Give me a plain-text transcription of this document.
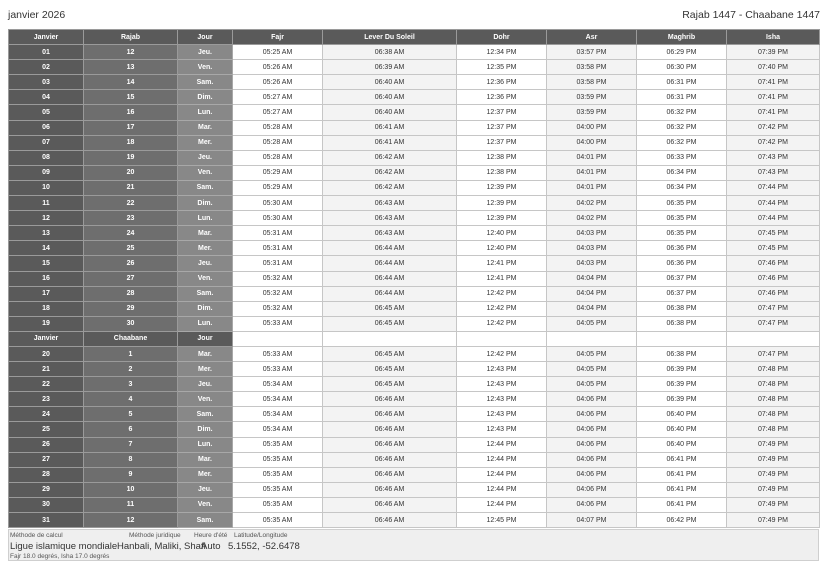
janvier 2026	Rajab 1447 - Chaabane 1447
Janvier	Rajab	Jour	Fajr	Lever Du Soleil	Dohr	Asr	Maghrib	Isha
01	12	Jeu.	05:25 AM	06:38 AM	12:34 PM	03:57 PM	06:29 PM	07:39 PM
02	13	Ven.	05:26 AM	06:39 AM	12:35 PM	03:58 PM	06:30 PM	07:40 PM
03	14	Sam.	05:26 AM	06:40 AM	12:36 PM	03:58 PM	06:31 PM	07:41 PM
04	15	Dim.	05:27 AM	06:40 AM	12:36 PM	03:59 PM	06:31 PM	07:41 PM
05	16	Lun.	05:27 AM	06:40 AM	12:37 PM	03:59 PM	06:32 PM	07:41 PM
06	17	Mar.	05:28 AM	06:41 AM	12:37 PM	04:00 PM	06:32 PM	07:42 PM
07	18	Mer.	05:28 AM	06:41 AM	12:37 PM	04:00 PM	06:32 PM	07:42 PM
08	19	Jeu.	05:28 AM	06:42 AM	12:38 PM	04:01 PM	06:33 PM	07:43 PM
09	20	Ven.	05:29 AM	06:42 AM	12:38 PM	04:01 PM	06:34 PM	07:43 PM
10	21	Sam.	05:29 AM	06:42 AM	12:39 PM	04:01 PM	06:34 PM	07:44 PM
11	22	Dim.	05:30 AM	06:43 AM	12:39 PM	04:02 PM	06:35 PM	07:44 PM
12	23	Lun.	05:30 AM	06:43 AM	12:39 PM	04:02 PM	06:35 PM	07:44 PM
13	24	Mar.	05:31 AM	06:43 AM	12:40 PM	04:03 PM	06:35 PM	07:45 PM
14	25	Mer.	05:31 AM	06:44 AM	12:40 PM	04:03 PM	06:36 PM	07:45 PM
15	26	Jeu.	05:31 AM	06:44 AM	12:41 PM	04:03 PM	06:36 PM	07:46 PM
16	27	Ven.	05:32 AM	06:44 AM	12:41 PM	04:04 PM	06:37 PM	07:46 PM
17	28	Sam.	05:32 AM	06:44 AM	12:42 PM	04:04 PM	06:37 PM	07:46 PM
18	29	Dim.	05:32 AM	06:45 AM	12:42 PM	04:04 PM	06:38 PM	07:47 PM
19	30	Lun.	05:33 AM	06:45 AM	12:42 PM	04:05 PM	06:38 PM	07:47 PM
Janvier	Chaabane	Jour						
20	1	Mar.	05:33 AM	06:45 AM	12:42 PM	04:05 PM	06:38 PM	07:47 PM
21	2	Mer.	05:33 AM	06:45 AM	12:43 PM	04:05 PM	06:39 PM	07:48 PM
22	3	Jeu.	05:34 AM	06:45 AM	12:43 PM	04:05 PM	06:39 PM	07:48 PM
23	4	Ven.	05:34 AM	06:46 AM	12:43 PM	04:06 PM	06:39 PM	07:48 PM
24	5	Sam.	05:34 AM	06:46 AM	12:43 PM	04:06 PM	06:40 PM	07:48 PM
25	6	Dim.	05:34 AM	06:46 AM	12:43 PM	04:06 PM	06:40 PM	07:48 PM
26	7	Lun.	05:35 AM	06:46 AM	12:44 PM	04:06 PM	06:40 PM	07:49 PM
27	8	Mar.	05:35 AM	06:46 AM	12:44 PM	04:06 PM	06:41 PM	07:49 PM
28	9	Mer.	05:35 AM	06:46 AM	12:44 PM	04:06 PM	06:41 PM	07:49 PM
29	10	Jeu.	05:35 AM	06:46 AM	12:44 PM	04:06 PM	06:41 PM	07:49 PM
30	11	Ven.	05:35 AM	06:46 AM	12:44 PM	04:06 PM	06:41 PM	07:49 PM
31	12	Sam.	05:35 AM	06:46 AM	12:45 PM	04:07 PM	06:42 PM	07:49 PM
Méthode de calcul
Ligue islamique mondiale
Méthode juridique
Hanbali, Maliki, Shafi
Heure d'été
Auto
Latitude/Longitude
5.1552, -52.6478
Fajr 18.0 degrés, Isha 17.0 degrés
